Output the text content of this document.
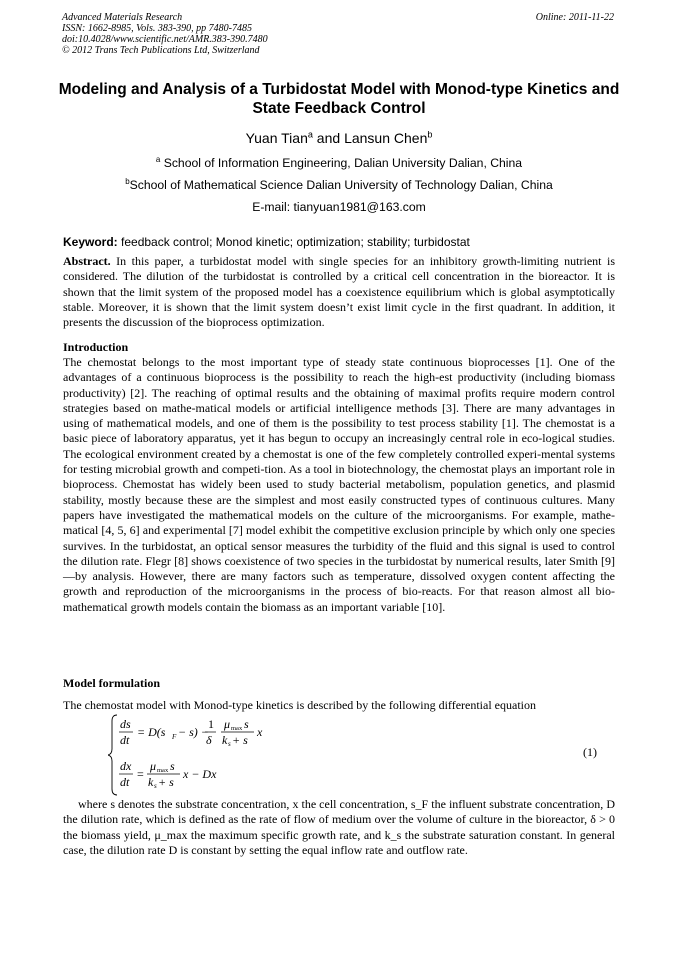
Advanced Materials Research
ISSN: 1662-8985, Vols. 383-390, pp 7480-7485
doi:10.4028/www.scientific.net/AMR.383-390.7480
© 2012 Trans Tech Publications Ltd, Switzerland
Online: 2011-11-22
Modeling and Analysis of a Turbidostat Model with Monod-type Kinetics and State Feedback Control
Yuan Tian$^a$ and Lansun Chen$^b$
$^a$ School of Information Engineering, Dalian University Dalian, China
$^b$School of Mathematical Science Dalian University of Technology Dalian, China
E-mail: tianyuan1981@163.com
Keyword: feedback control; Monod kinetic; optimization; stability; turbidostat

Abstract. In this paper, a turbidostat model with single species for an inhibitory growth-limiting nutrient is considered. The dilution of the turbidostat is controlled by a critical cell concentration in the bioreactor. It is shown that the limit system of the proposed model has a coexistence equilibrium which is global asymptotically stable. Moreover, it is shown that the limit system doesn’t exist limit cycle in the first quadrant. In addition, it presents the discussion of the bioprocess optimization.

Introduction

The chemostat belongs to the most important type of steady state continuous bioprocesses [1]. One of the advantages of a continuous bioprocess is the possibility to reach the high-est productivity (including biomass productivity) [2]. The reaching of optimal results and the obtaining of maximal profits require modern control strategies based on mathe-matical models or artificial intelligence methods [3]. There are many advantages in using of mathematical models, and one of them is the possibility to test process stability [1]. The chemostat is a basic piece of laboratory apparatus, yet it has begun to occupy an increasingly central role in eco-logical studies. The ecological environment created by a chemostat is one of the few completely controlled experi-mental systems for testing microbial growth and competi-tion. As a tool in biotechnology, the chemostat plays an important role in bioprocess. Chemostat has widely been used to study bacterial metabolism, population genetics, and plasmid stability, mostly because these are the simplest and most easily constructed types of continuous cultures. Many papers have investigated the mathematical models on the culture of the microorganisms. For example, mathe-matical [4, 5, 6] and experimental [7] model exhibit the competitive exclusion principle by which only one species survives. In the turbidostat, an optical sensor measures the turbidity of the fluid and this signal is used to control the dilution rate. Flegr [8] shows coexistence of two species in the turbidostat by numerical results, later Smith [9]—by analysis. However, there are many factors such as temperature, dissolved oxygen content affecting the growth and reproduction of the microorganisms in the process of bio-reacts. For that reason almost all bio-mathematical growth models contain the biomass as an important variable [10].

Model formulation

The chemostat model with Monod-type kinetics is described by the following differential equation

ds
dt
= D(s F − s) −
1
δ
μ max s
k s + s
x
dx
dt
=
μ max s
k s + s
x − Dx
(1)

where s denotes the substrate concentration, x the cell concentration, s_F the influent substrate concentration, D the dilution rate, which is defined as the rate of flow of medium over the volume of culture in the bioreactor, δ > 0 the biomass yield, μ_max the maximum specific growth rate, and k_s the substrate saturation constant. In general case, the dilution rate D is constant by setting the equal inflow rate and outflow rate.
